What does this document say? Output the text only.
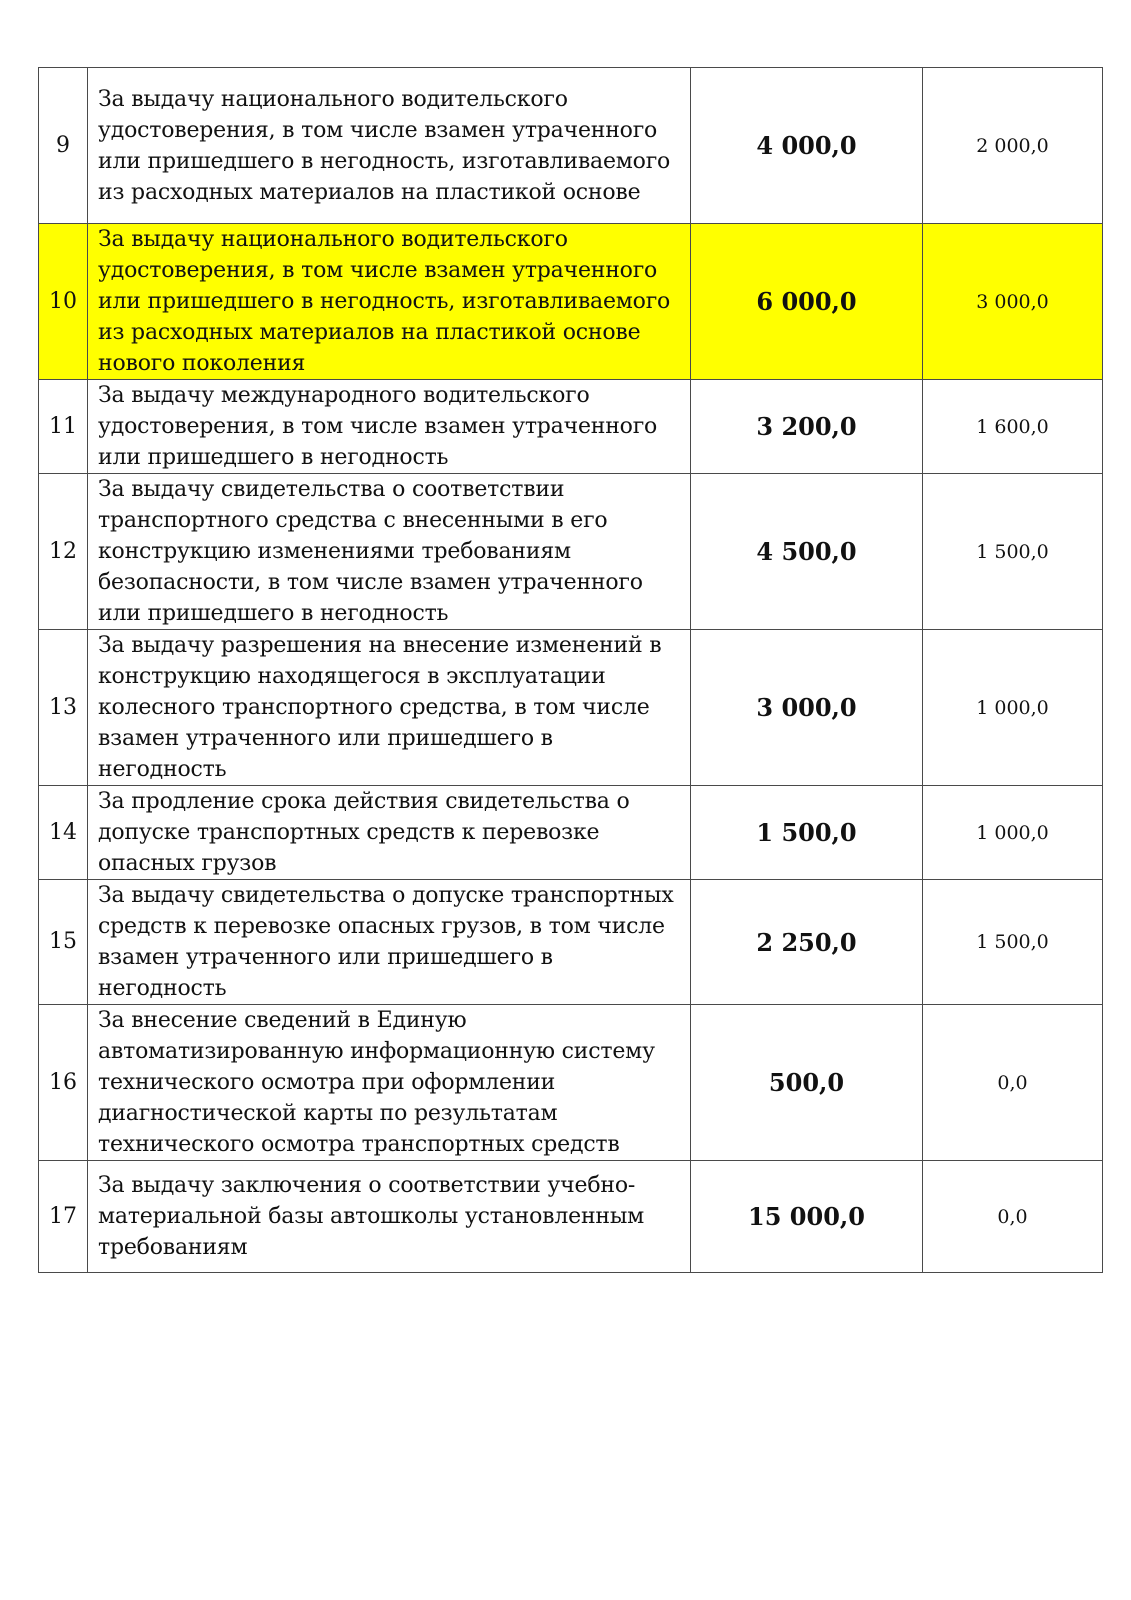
9	За выдачу национального водительского удостоверения, в том числе взамен утраченного или пришедшего в негодность, изготавливаемого из расходных материалов на пластикой основе	4 000,0	2 000,0
10	За выдачу национального водительского удостоверения, в том числе взамен утраченного или пришедшего в негодность, изготавливаемого из расходных материалов на пластикой основе нового поколения	6 000,0	3 000,0
11	За выдачу международного водительского удостоверения, в том числе взамен утраченного или пришедшего в негодность	3 200,0	1 600,0
12	За выдачу свидетельства о соответствии транспортного средства с внесенными в его конструкцию изменениями требованиям безопасности, в том числе взамен утраченного или пришедшего в негодность	4 500,0	1 500,0
13	За выдачу разрешения на внесение изменений в конструкцию находящегося в эксплуатации колесного транспортного средства, в том числе взамен утраченного или пришедшего в негодность	3 000,0	1 000,0
14	За продление срока действия свидетельства о допуске транспортных средств к перевозке опасных грузов	1 500,0	1 000,0
15	За выдачу свидетельства о допуске транспортных средств к перевозке опасных грузов, в том числе взамен утраченного или пришедшего в негодность	2 250,0	1 500,0
16	За внесение сведений в Единую автоматизированную информационную систему технического осмотра при оформлении диагностической карты по результатам технического осмотра транспортных средств	500,0	0,0
17	За выдачу заключения о соответствии учебно-материальной базы автошколы установленным требованиям	15 000,0	0,0
